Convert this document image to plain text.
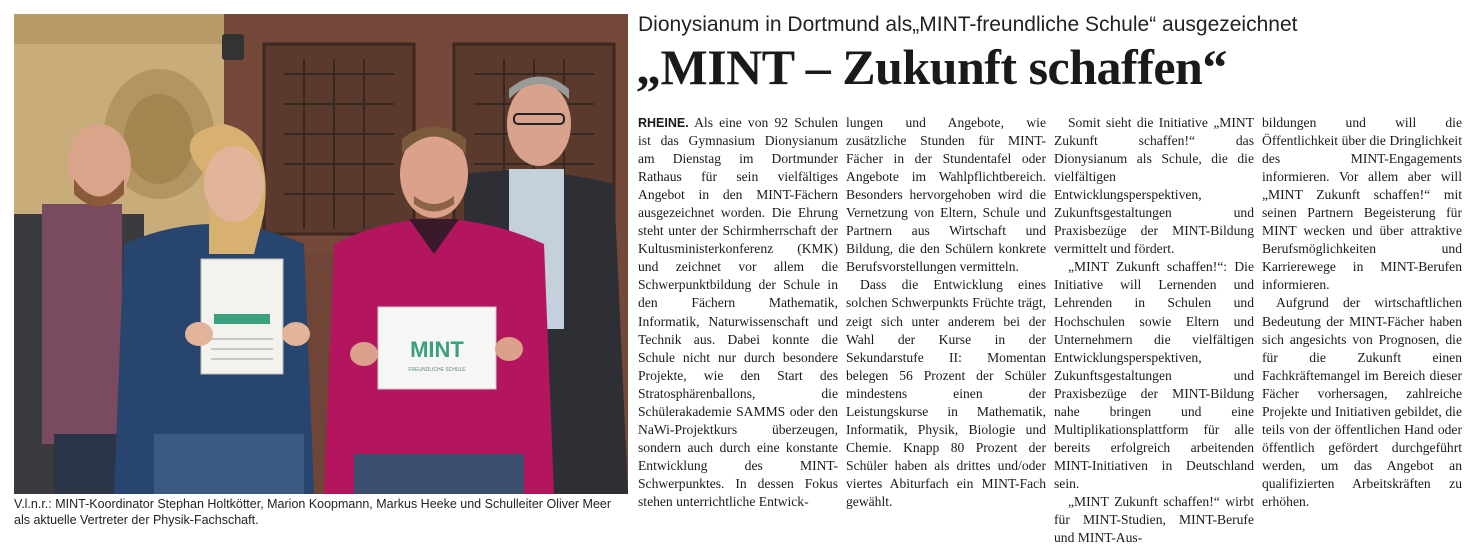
MINT
FREUNDLICHE SCHULE
V.l.n.r.: MINT-Koordinator Stephan Holtkötter, Marion Koopmann, Markus Heeke und Schulleiter Oliver Meer als aktuelle Vertreter der Physik-Fachschaft.
Dionysianum in Dortmund als„MINT-freundliche Schule“ ausgezeichnet
„MINT – Zukunft schaffen“

RHEINE. Als eine von 92 Schulen ist das Gymnasium Dionysianum am Dienstag im Dortmunder Rathaus für sein vielfältiges Angebot in den MINT-Fächern ausgezeichnet worden. Die Ehrung steht unter der Schirmherrschaft der Kultusministerkonferenz (KMK) und zeichnet vor allem die Schwerpunktbildung der Schule in den Fächern Mathematik, Informatik, Naturwissenschaft und Technik aus. Dabei konnte die Schule nicht nur durch besondere Projekte, wie den Start des Stratosphärenballons, die Schülerakademie SAMMS oder den NaWi-Projektkurs überzeugen, sondern auch durch eine konstante Entwicklung des MINT-Schwerpunktes. In dessen Fokus stehen unterrichtliche Entwick-

lungen und Angebote, wie zusätzliche Stunden für MINT-Fächer in der Stundentafel oder Angebote im Wahlpflichtbereich. Besonders hervorgehoben wird die Vernetzung von Eltern, Schule und Partnern aus Wirtschaft und Bildung, die den Schülern konkrete Berufsvorstellungen vermitteln.

Dass die Entwicklung eines solchen Schwerpunkts Früchte trägt, zeigt sich unter anderem bei der Wahl der Kurse in der Sekundarstufe II: Momentan belegen 56 Prozent der Schüler mindestens einen der Leistungskurse in Mathematik, Informatik, Physik, Biologie und Chemie. Knapp 80 Prozent der Schüler haben als drittes und/oder viertes Abiturfach ein MINT-Fach gewählt.

Somit sieht die Initiative „MINT Zukunft schaffen!“ das Dionysianum als Schule, die die vielfältigen Entwicklungsperspektiven, Zukunftsgestaltungen und Praxisbezüge der MINT-Bildung vermittelt und fördert.

„MINT Zukunft schaffen!“: Die Initiative will Lernenden und Lehrenden in Schulen und Hochschulen sowie Eltern und Unternehmern die vielfältigen Entwicklungsperspektiven, Zukunftsgestaltungen und Praxisbezüge der MINT-Bildung nahe bringen und eine Multiplikationsplattform für alle bereits erfolgreich arbeitenden MINT-Initiativen in Deutschland sein.

„MINT Zukunft schaffen!“ wirbt für MINT-Studien, MINT-Berufe und MINT-Aus-

bildungen und will die Öffentlichkeit über die Dringlichkeit des MINT-Engagements informieren. Vor allem aber will „MINT Zukunft schaffen!“ mit seinen Partnern Begeisterung für MINT wecken und über attraktive Berufsmöglichkeiten und Karrierewege in MINT-Berufen informieren.

Aufgrund der wirtschaftlichen Bedeutung der MINT-Fächer haben sich angesichts von Prognosen, die für die Zukunft einen Fachkräftemangel im Bereich dieser Fächer vorhersagen, zahlreiche Projekte und Initiativen gebildet, die teils von der öffentlichen Hand oder öffentlich gefördert durchgeführt werden, um das Angebot an qualifizierten Arbeitskräften zu erhöhen.
